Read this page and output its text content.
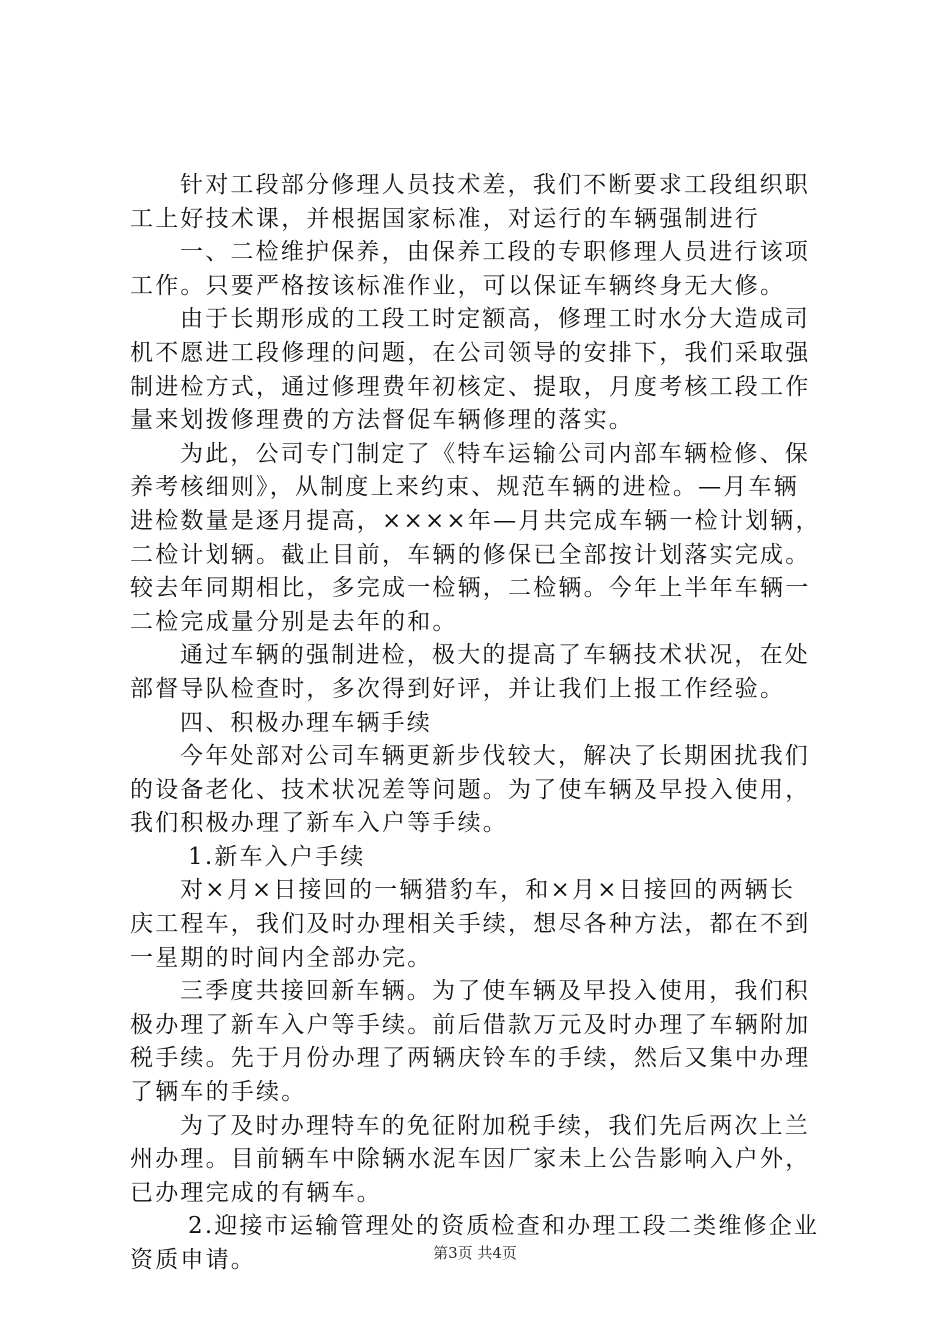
针对工段部分修理人员技术差，我们不断要求工段组织职
工上好技术课，并根据国家标准，对运行的车辆强制进行
一、二检维护保养，由保养工段的专职修理人员进行该项
工作。只要严格按该标准作业，可以保证车辆终身无大修。
由于长期形成的工段工时定额高，修理工时水分大造成司
机不愿进工段修理的问题，在公司领导的安排下，我们采取强
制进检方式，通过修理费年初核定、提取，月度考核工段工作
量来划拨修理费的方法督促车辆修理的落实。
为此，公司专门制定了《特车运输公司内部车辆检修、保
养考核细则》，从制度上来约束、规范车辆的进检。—月车辆
进检数量是逐月提高，××××年—月共完成车辆一检计划辆，
二检计划辆。截止目前，车辆的修保已全部按计划落实完成。
较去年同期相比，多完成一检辆，二检辆。今年上半年车辆一
二检完成量分别是去年的和。
通过车辆的强制进检，极大的提高了车辆技术状况，在处
部督导队检查时，多次得到好评，并让我们上报工作经验。
四、积极办理车辆手续
今年处部对公司车辆更新步伐较大，解决了长期困扰我们
的设备老化、技术状况差等问题。为了使车辆及早投入使用，
我们积极办理了新车入户等手续。
1.新车入户手续
对×月×日接回的一辆猎豹车，和×月×日接回的两辆长
庆工程车，我们及时办理相关手续，想尽各种方法，都在不到
一星期的时间内全部办完。
三季度共接回新车辆。为了使车辆及早投入使用，我们积
极办理了新车入户等手续。前后借款万元及时办理了车辆附加
税手续。先于月份办理了两辆庆铃车的手续，然后又集中办理
了辆车的手续。
为了及时办理特车的免征附加税手续，我们先后两次上兰
州办理。目前辆车中除辆水泥车因厂家未上公告影响入户外，
已办理完成的有辆车。
2.迎接市运输管理处的资质检查和办理工段二类维修企业
资质申请。	第3页 共4页
